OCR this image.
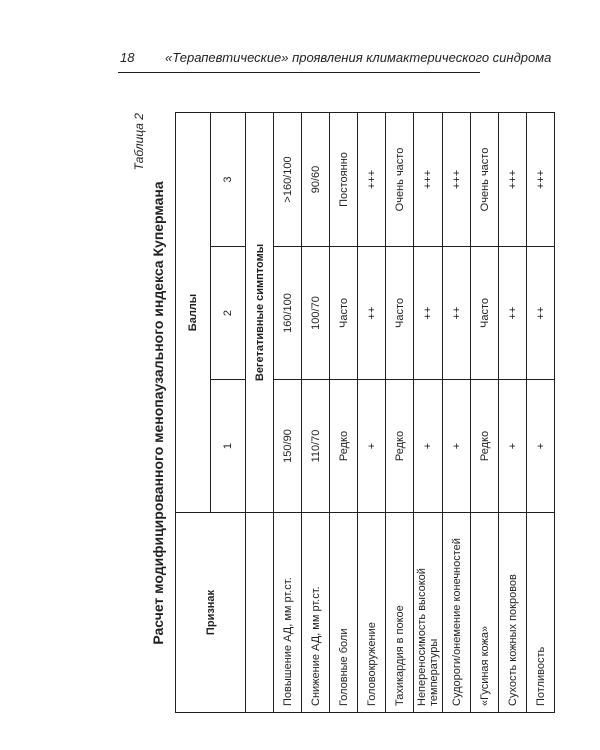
18 «Терапевтические» проявления климактерического синдрома
Таблица 2
Расчет модифицированного менопаузального индекса Купермана	Признак	Баллы		
	1	2	3
	Вегетативные симптомы		
Повышение АД, мм рт.ст.	150/90	160/100	>160/100
Снижение АД, мм рт.ст.	110/70	100/70	90/60
Головные боли	Редко	Часто	Постоянно
Головокружение	+	++	+++
Тахикардия в покое	Редко	Часто	Очень часто
Непереносимость высокой температуры	+	++	+++
Судороги/онемение конечностей	+	++	+++
«Гусиная кожа»	Редко	Часто	Очень часто
Сухость кожных покровов	+	++	+++
Потливость	+	++	+++
